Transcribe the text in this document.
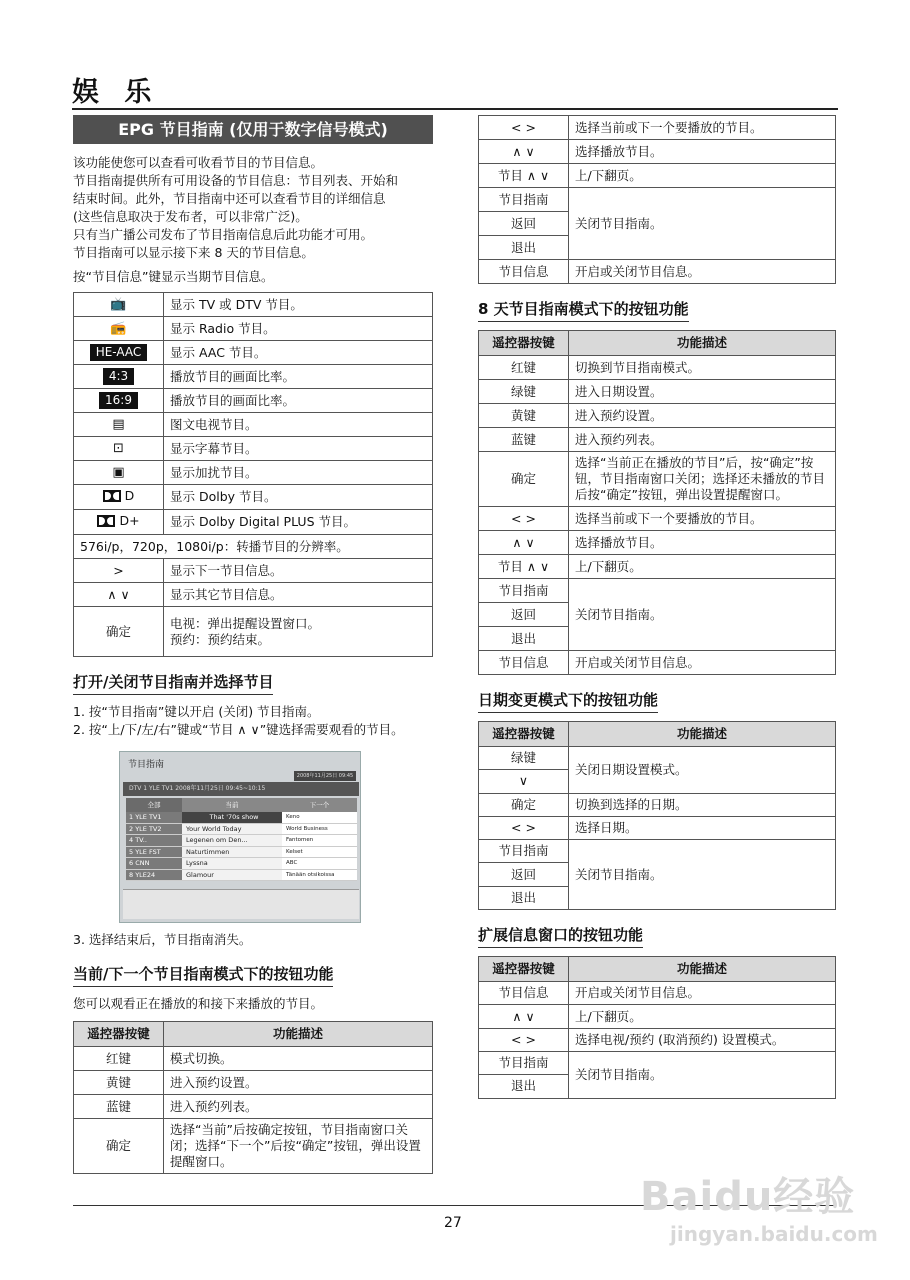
娱 乐
EPG 节目指南 (仅用于数字信号模式)

该功能使您可以查看可收看节目的节目信息。

节目指南提供所有可用设备的节目信息：节目列表、开始和

结束时间。此外，节目指南中还可以查看节目的详细信息

(这些信息取决于发布者，可以非常广泛)。

只有当广播公司发布了节目指南信息后此功能才可用。

节目指南可以显示接下来 8 天的节目信息。

按“节目信息”键显示当期节目信息。

📺	显示 TV 或 DTV 节目。
📻	显示 Radio 节目。
HE-AAC	显示 AAC 节目。
4:3	播放节目的画面比率。
16:9	播放节目的画面比率。
▤	图文电视节目。
⊡	显示字幕节目。
▣	显示加扰节目。

D	显示 Dolby 节目。

D+	显示 Dolby Digital PLUS 节目。
576i/p，720p，1080i/p：转播节目的分辨率。	
>	显示下一节目信息。
∧ ∨	显示其它节目信息。
确定	电视：弹出提醒设置窗口。
预约：预约结束。
打开/关闭节目指南并选择节目

1. 按“节目指南”键以开启 (关闭) 节目指南。

2. 按“上/下/左/右”键或“节目 ∧ ∨”键选择需要观看的节目。

节目指南
2008年11月25日 09:45
DTV 1 YLE TV1 2008年11月25日 09:45~10:15
全部	当前	下一个
1 YLE TV1	That '70s show	Keno
2 YLE TV2	Your World Today	World Business
4 TV..	Legenen om Den...	Fantomen
5 YLE FST	Naturtimmen	Kelset
6 CNN	Lyssna	ABC
8 YLE24	Glamour	Tänään otsikoissa

3. 选择结束后，节目指南消失。

当前/下一个节目指南模式下的按钮功能

您可以观看正在播放的和接下来播放的节目。

遥控器按键	功能描述
红键	模式切换。
黄键	进入预约设置。
蓝键	进入预约列表。
确定	选择“当前”后按确定按钮，节目指南窗口关闭；选择“下一个”后按“确定”按钮，弹出设置提醒窗口。
< >	选择当前或下一个要播放的节目。
∧ ∨	选择播放节目。
节目 ∧ ∨	上/下翻页。
节目指南	关闭节目指南。
返回	
退出	
节目信息	开启或关闭节目信息。
8 天节目指南模式下的按钮功能
遥控器按键	功能描述
红键	切换到节目指南模式。
绿键	进入日期设置。
黄键	进入预约设置。
蓝键	进入预约列表。
确定	选择“当前正在播放的节目”后，按“确定”按钮，节目指南窗口关闭；选择还未播放的节目后按“确定”按钮，弹出设置提醒窗口。
< >	选择当前或下一个要播放的节目。
∧ ∨	选择播放节目。
节目 ∧ ∨	上/下翻页。
节目指南	关闭节目指南。
返回	
退出	
节目信息	开启或关闭节目信息。
日期变更模式下的按钮功能
遥控器按键	功能描述
绿键	关闭日期设置模式。
∨	
确定	切换到选择的日期。
< >	选择日期。
节目指南	关闭节目指南。
返回	
退出	
扩展信息窗口的按钮功能
遥控器按键	功能描述
节目信息	开启或关闭节目信息。
∧ ∨	上/下翻页。
< >	选择电视/预约 (取消预约) 设置模式。
节目指南	关闭节目指南。
退出	
27
Baidu经验
jingyan.baidu.com
